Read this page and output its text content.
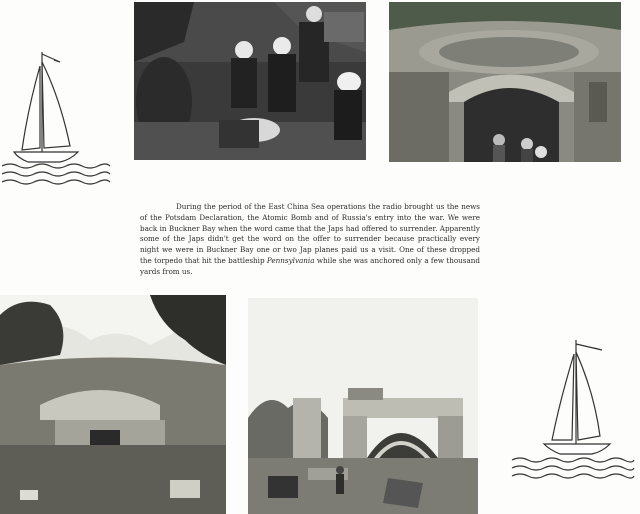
During the period of the East China Sea operations the radio brought us the news of the Potsdam Declaration, the Atomic Bomb and of Russia's entry into the war. We were back in Buckner Bay when the word came that the Japs had offered to surrender. Apparently some of the Japs didn't get the word on the offer to surrender because practically every night we were in Buckner Bay one or two Jap planes paid us a visit. One of these dropped the torpedo that hit the battleship Pennsylvania while she was anchored only a few thousand yards from us.
